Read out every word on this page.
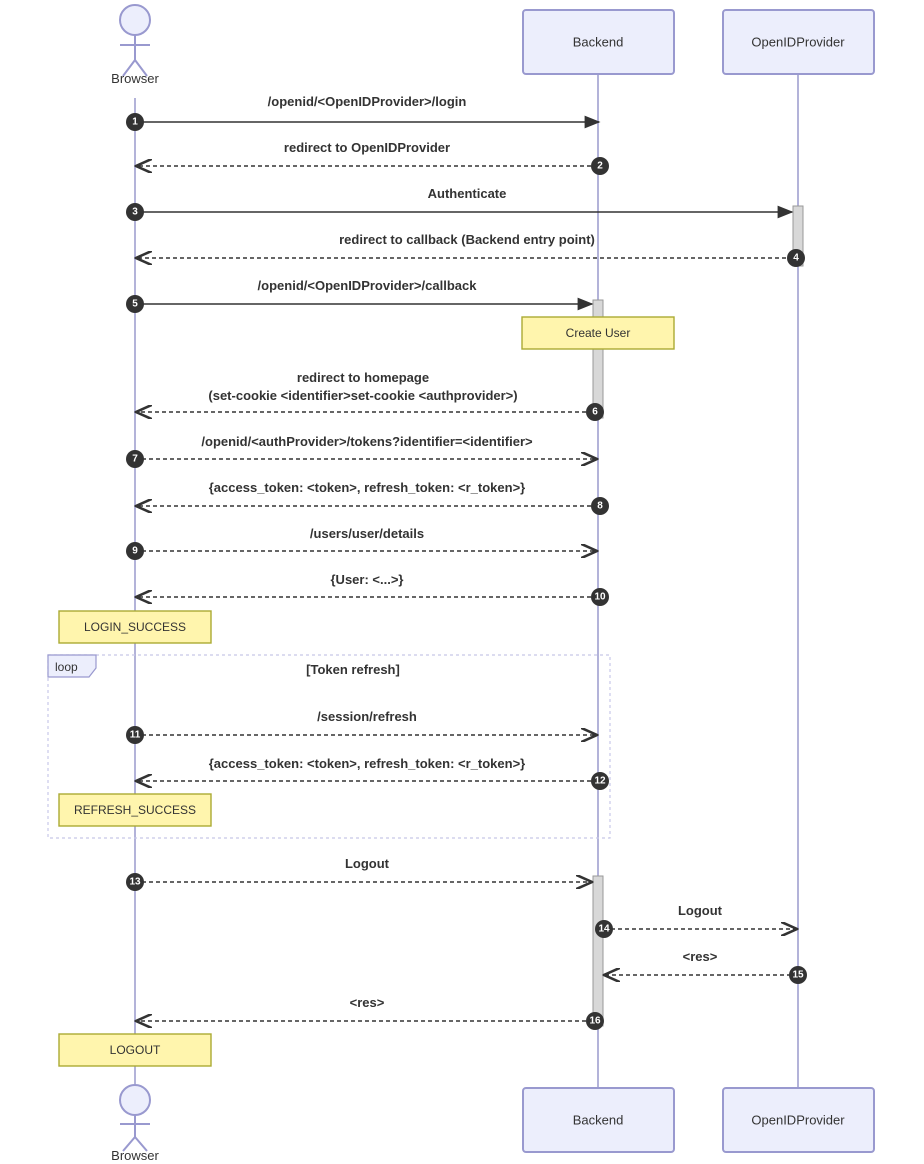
Browser
Backend	OpenIDProvider
Browser
Backend	OpenIDProvider
loop	[Token refresh]
/openid/<OpenIDProvider>/login
1
redirect to OpenIDProvider
2
Authenticate
3
redirect to callback (Backend entry point)
4
/openid/<OpenIDProvider>/callback
5
redirect to homepage
(set-cookie <identifier>set-cookie <authprovider>)
6
/openid/<authProvider>/tokens?identifier=<identifier>
7
{access_token: <token>, refresh_token: <r_token>}
8
/users/user/details
9
{User: <...>}
10
/session/refresh
11
{access_token: <token>, refresh_token: <r_token>}
12
Logout
13
Logout
14
<res>
15
<res>
16
Create User
LOGIN_SUCCESS
REFRESH_SUCCESS
LOGOUT
